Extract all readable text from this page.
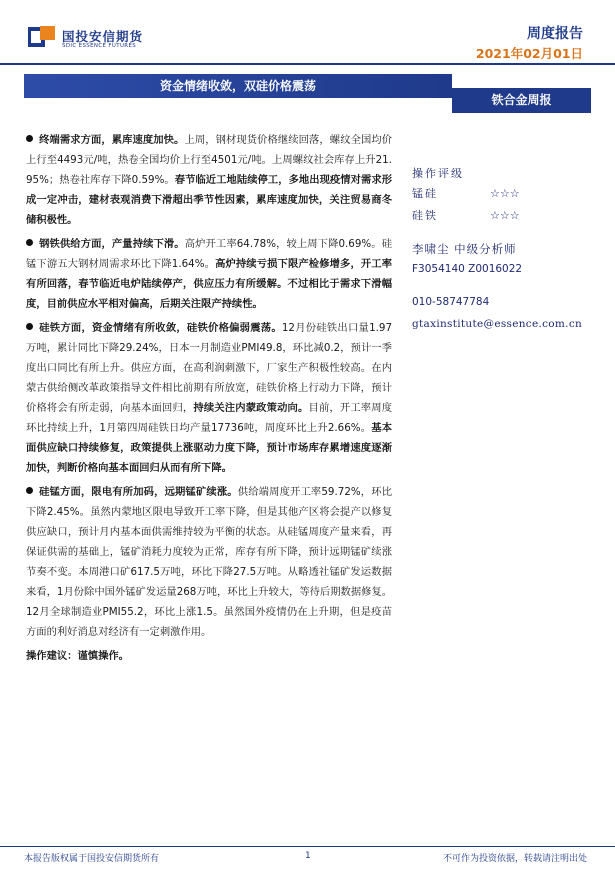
国投安信期货
SDIC ESSENCE FUTURES
周度报告
2021年02月01日
资金情绪收敛，双硅价格震荡
铁合金周报

终端需求方面，累库速度加快。上周，钢材现货价格继续回落，螺纹全国均价上行至4493元/吨，热卷全国均价上行至4501元/吨。上周螺纹社会库存上升21.95%；热卷社库存下降0.59%。春节临近工地陆续停工，多地出现疫情对需求形成一定冲击，建材表观消费下滑超出季节性因素，累库速度加快，关注贸易商冬储积极性。

钢铁供给方面，产量持续下滑。高炉开工率64.78%，较上周下降0.69%。硅锰下游五大钢材周需求环比下降1.64%。高炉持续亏损下限产检修增多，开工率有所回落，春节临近电炉陆续停产，供应压力有所缓解。不过相比于需求下滑幅度，目前供应水平相对偏高，后期关注限产持续性。

硅铁方面，资金情绪有所收敛，硅铁价格偏弱震荡。12月份硅铁出口量1.97万吨，累计同比下降29.24%，日本一月制造业PMI49.8，环比减0.2，预计一季度出口同比有所上升。供应方面，在高利润刺激下，厂家生产积极性较高。在内蒙古供给侧改革政策指导文件相比前期有所放宽，硅铁价格上行动力下降，预计价格将会有所走弱，向基本面回归，持续关注内蒙政策动向。目前，开工率周度环比持续上升，1月第四周硅铁日均产量17736吨，周度环比上升2.66%。基本面供应缺口持续修复，政策提供上涨驱动力度下降，预计市场库存累增速度逐渐加快，判断价格向基本面回归从而有所下降。

硅锰方面，限电有所加码，远期锰矿续涨。供给端周度开工率59.72%，环比下降2.45%。虽然内蒙地区限电导致开工率下降，但是其他产区将会提产以修复供应缺口，预计月内基本面供需维持较为平衡的状态。从硅锰周度产量来看，再保证供需的基础上，锰矿消耗力度较为正常，库存有所下降，预计远期锰矿续涨节奏不变。本周港口矿617.5万吨，环比下降27.5万吨。从略透社锰矿发运数据来看，1月份除中国外锰矿发运量268万吨，环比上升较大，等待后期数据修复。12月全球制造业PMI55.2，环比上涨1.5。虽然国外疫情仍在上升期，但是疫苗方面的利好消息对经济有一定刺激作用。

操作建议：谨慎操作。

操作评级
锰硅	☆☆☆
硅铁	☆☆☆
李啸尘 中级分析师
F3054140 Z0016022
010-58747784
gtaxinstitute@essence.com.cn
本报告版权属于国投安信期货所有	1	不可作为投资依据，转载请注明出处
